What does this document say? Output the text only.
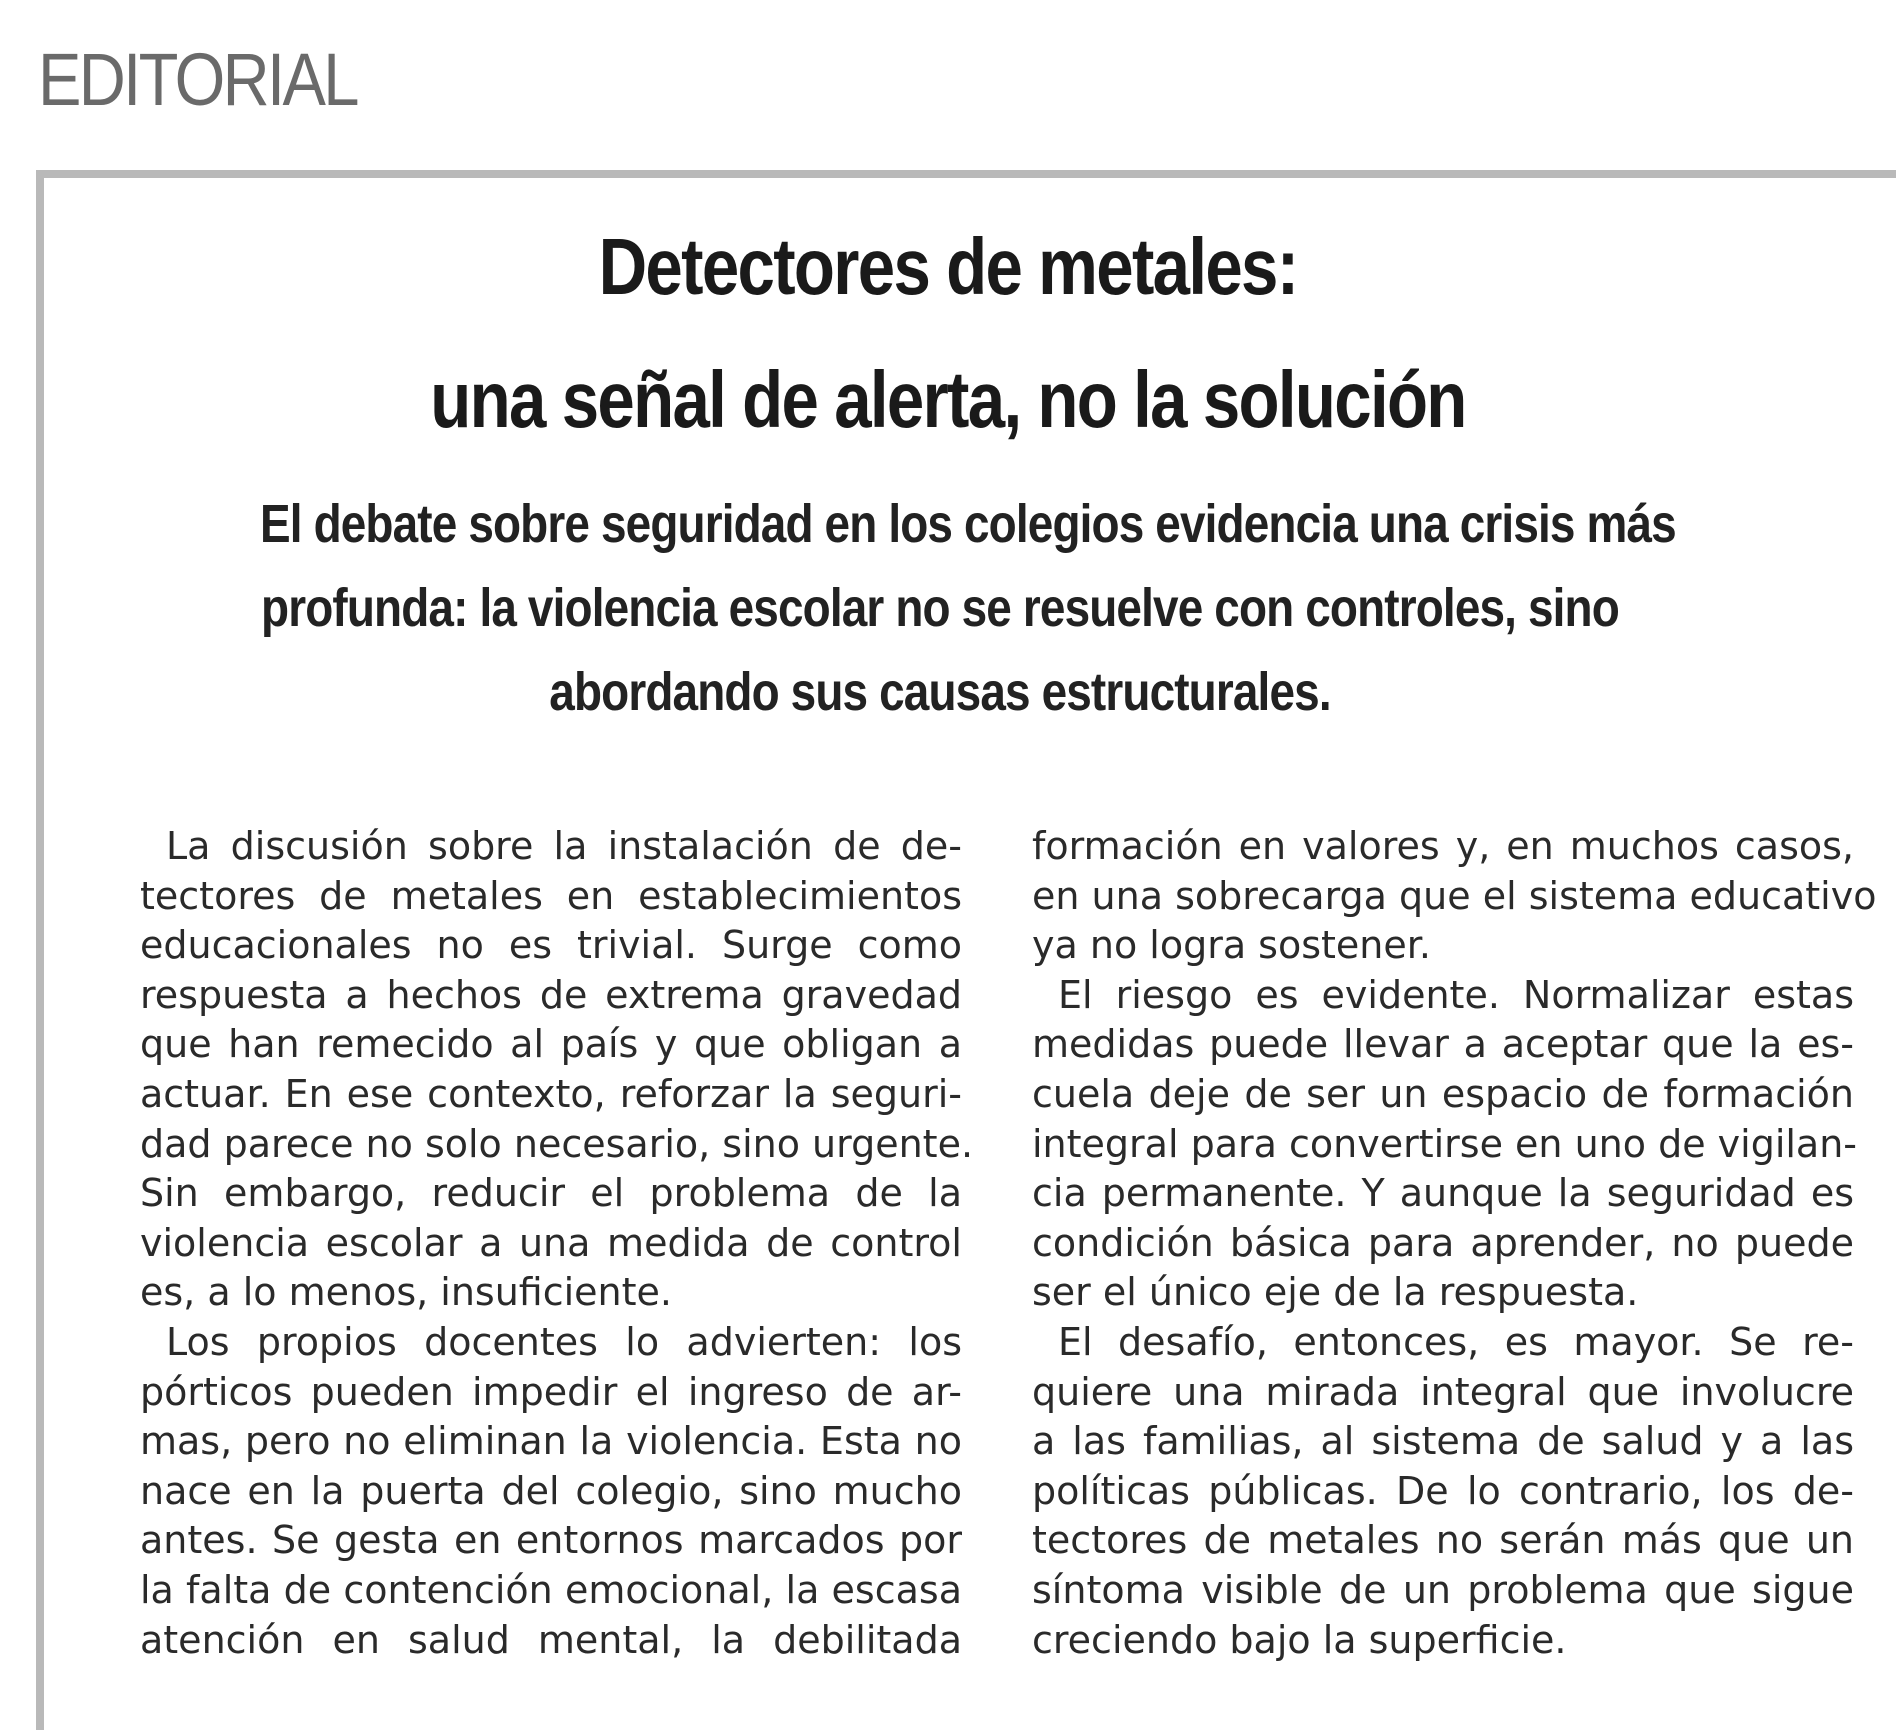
EDITORIAL
Detectores de metales:
una señal de alerta, no la solución
El debate sobre seguridad en los colegios evidencia una crisis más
profunda: la violencia escolar no se resuelve con controles, sino
abordando sus causas estructurales.
La discusión sobre la instalación de de-
tectores de metales en establecimientos
educacionales no es trivial. Surge como
respuesta a hechos de extrema gravedad
que han remecido al país y que obligan a
actuar. En ese contexto, reforzar la seguri-
dad parece no solo necesario, sino urgente.
Sin embargo, reducir el problema de la
violencia escolar a una medida de control
es, a lo menos, insuficiente.
Los propios docentes lo advierten: los
pórticos pueden impedir el ingreso de ar-
mas, pero no eliminan la violencia. Esta no
nace en la puerta del colegio, sino mucho
antes. Se gesta en entornos marcados por
la falta de contención emocional, la escasa
atención en salud mental, la debilitada
formación en valores y, en muchos casos,
en una sobrecarga que el sistema educativo
ya no logra sostener.
El riesgo es evidente. Normalizar estas
medidas puede llevar a aceptar que la es-
cuela deje de ser un espacio de formación
integral para convertirse en uno de vigilan-
cia permanente. Y aunque la seguridad es
condición básica para aprender, no puede
ser el único eje de la respuesta.
El desafío, entonces, es mayor. Se re-
quiere una mirada integral que involucre
a las familias, al sistema de salud y a las
políticas públicas. De lo contrario, los de-
tectores de metales no serán más que un
síntoma visible de un problema que sigue
creciendo bajo la superficie.
